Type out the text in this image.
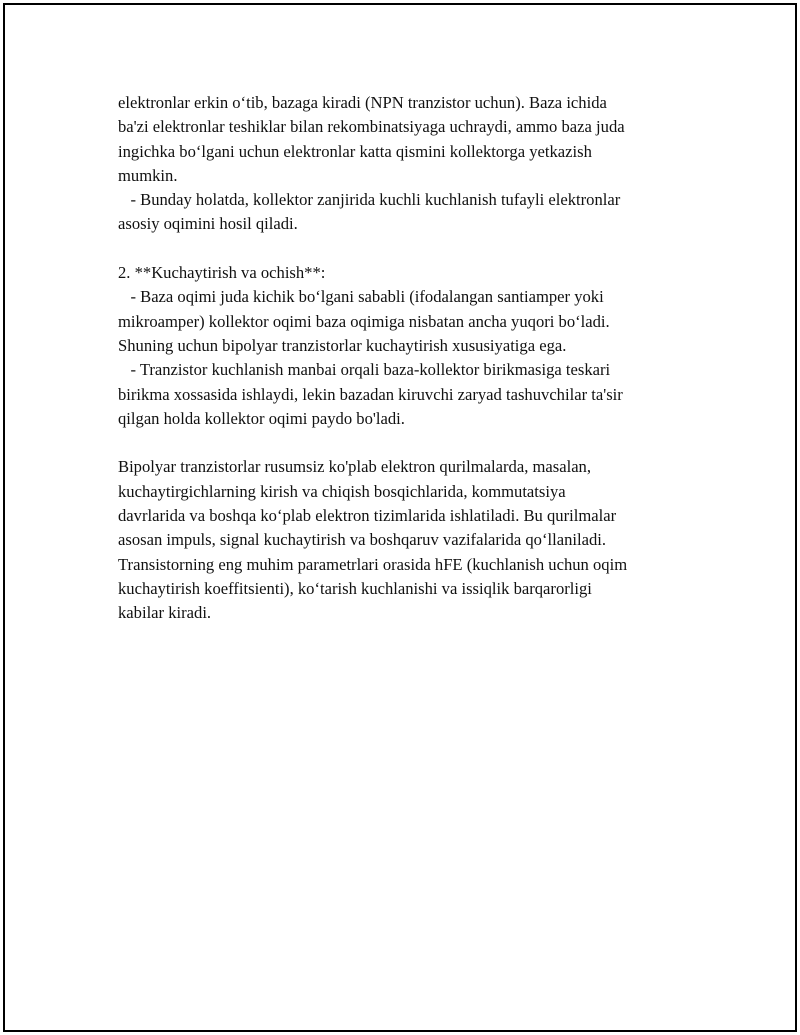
elektronlar erkin o‘tib, bazaga kiradi (NPN tranzistor uchun). Baza ichida
ba'zi elektronlar teshiklar bilan rekombinatsiyaga uchraydi, ammo baza juda
ingichka bo‘lgani uchun elektronlar katta qismini kollektorga yetkazish
mumkin.
- Bunday holatda, kollektor zanjirida kuchli kuchlanish tufayli elektronlar
asosiy oqimini hosil qiladi.
2. **Kuchaytirish va ochish**:
- Baza oqimi juda kichik bo‘lgani sababli (ifodalangan santiamper yoki
mikroamper) kollektor oqimi baza oqimiga nisbatan ancha yuqori bo‘ladi.
Shuning uchun bipolyar tranzistorlar kuchaytirish xususiyatiga ega.
- Tranzistor kuchlanish manbai orqali baza-kollektor birikmasiga teskari
birikma xossasida ishlaydi, lekin bazadan kiruvchi zaryad tashuvchilar ta'sir
qilgan holda kollektor oqimi paydo bo'ladi.
Bipolyar tranzistorlar rusumsiz ko'plab elektron qurilmalarda, masalan,
kuchaytirgichlarning kirish va chiqish bosqichlarida, kommutatsiya
davrlarida va boshqa ko‘plab elektron tizimlarida ishlatiladi. Bu qurilmalar
asosan impuls, signal kuchaytirish va boshqaruv vazifalarida qo‘llaniladi.
Transistorning eng muhim parametrlari orasida hFE (kuchlanish uchun oqim
kuchaytirish koeffitsienti), ko‘tarish kuchlanishi va issiqlik barqarorligi
kabilar kiradi.
